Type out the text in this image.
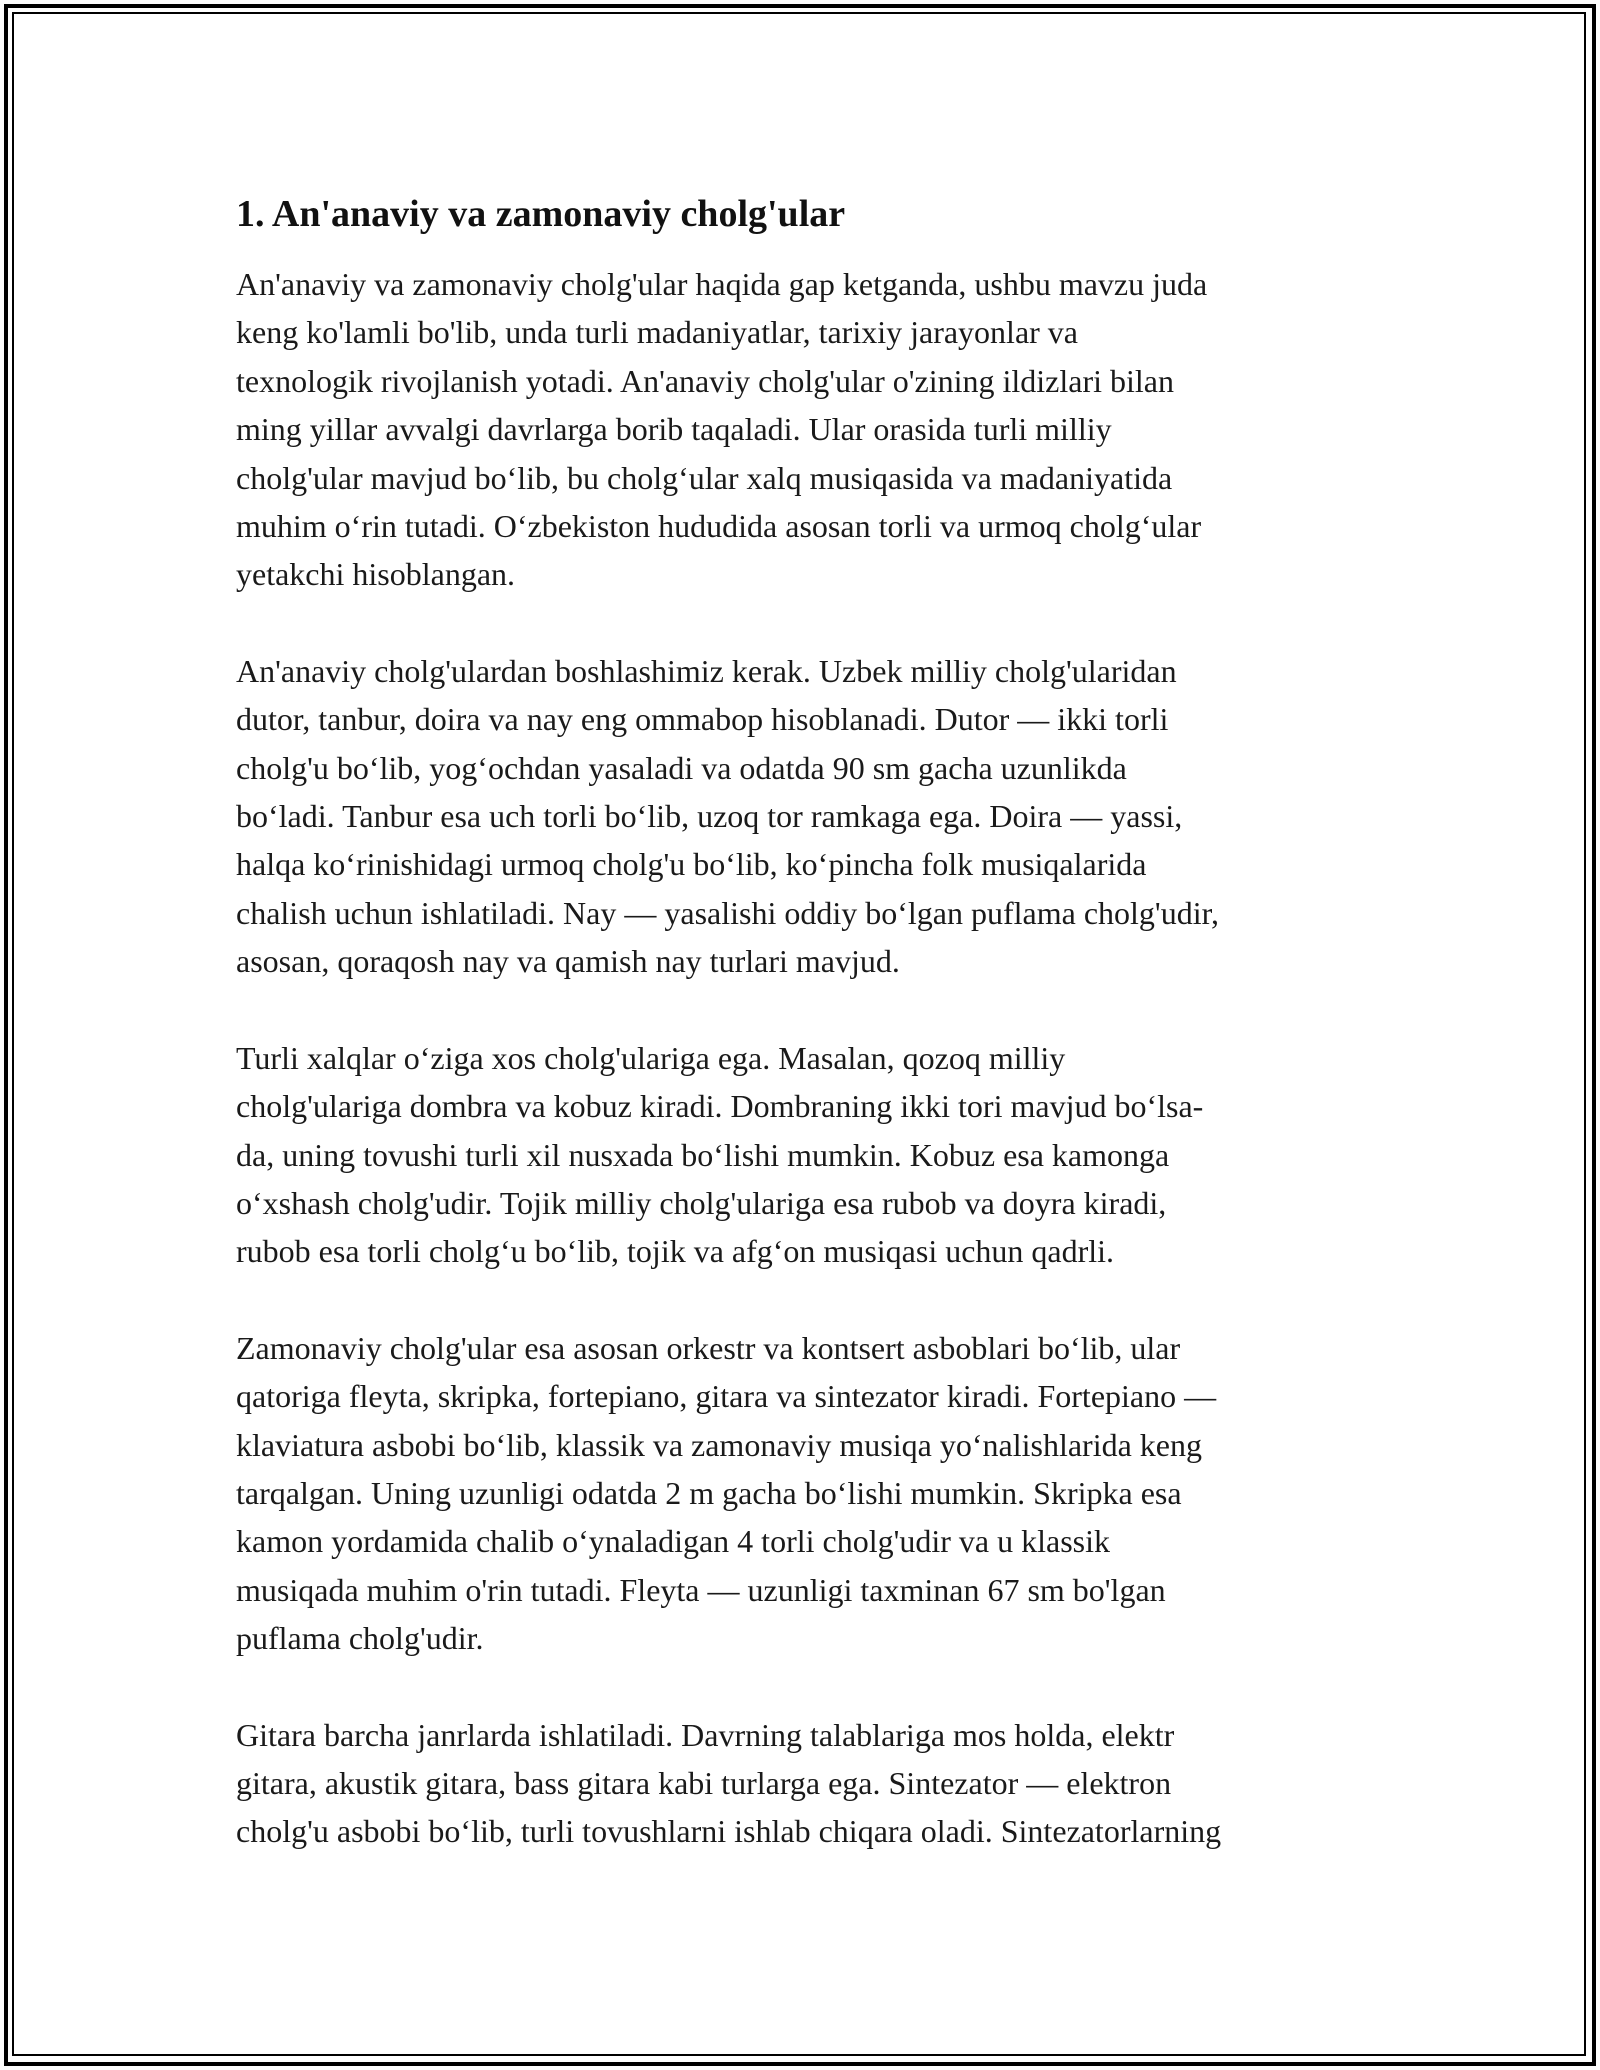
1. An'anaviy va zamonaviy cholg'ular

An'anaviy va zamonaviy cholg'ular haqida gap ketganda, ushbu mavzu juda
keng ko'lamli bo'lib, unda turli madaniyatlar, tarixiy jarayonlar va
texnologik rivojlanish yotadi. An'anaviy cholg'ular o'zining ildizlari bilan
ming yillar avvalgi davrlarga borib taqaladi. Ular orasida turli milliy
cholg'ular mavjud bo‘lib, bu cholg‘ular xalq musiqasida va madaniyatida
muhim o‘rin tutadi. O‘zbekiston hududida asosan torli va urmoq cholg‘ular
yetakchi hisoblangan.

An'anaviy cholg'ulardan boshlashimiz kerak. Uzbek milliy cholg'ularidan
dutor, tanbur, doira va nay eng ommabop hisoblanadi. Dutor — ikki torli
cholg'u bo‘lib, yog‘ochdan yasaladi va odatda 90 sm gacha uzunlikda
bo‘ladi. Tanbur esa uch torli bo‘lib, uzoq tor ramkaga ega. Doira — yassi,
halqa ko‘rinishidagi urmoq cholg'u bo‘lib, ko‘pincha folk musiqalarida
chalish uchun ishlatiladi. Nay — yasalishi oddiy bo‘lgan puflama cholg'udir,
asosan, qoraqosh nay va qamish nay turlari mavjud.

Turli xalqlar o‘ziga xos cholg'ulariga ega. Masalan, qozoq milliy
cholg'ulariga dombra va kobuz kiradi. Dombraning ikki tori mavjud bo‘lsa-
da, uning tovushi turli xil nusxada bo‘lishi mumkin. Kobuz esa kamonga
o‘xshash cholg'udir. Tojik milliy cholg'ulariga esa rubob va doyra kiradi,
rubob esa torli cholg‘u bo‘lib, tojik va afg‘on musiqasi uchun qadrli.

Zamonaviy cholg'ular esa asosan orkestr va kontsert asboblari bo‘lib, ular
qatoriga fleyta, skripka, fortepiano, gitara va sintezator kiradi. Fortepiano —
klaviatura asbobi bo‘lib, klassik va zamonaviy musiqa yo‘nalishlarida keng
tarqalgan. Uning uzunligi odatda 2 m gacha bo‘lishi mumkin. Skripka esa
kamon yordamida chalib o‘ynaladigan 4 torli cholg'udir va u klassik
musiqada muhim o'rin tutadi. Fleyta — uzunligi taxminan 67 sm bo'lgan
puflama cholg'udir.

Gitara barcha janrlarda ishlatiladi. Davrning talablariga mos holda, elektr
gitara, akustik gitara, bass gitara kabi turlarga ega. Sintezator — elektron
cholg'u asbobi bo‘lib, turli tovushlarni ishlab chiqara oladi. Sintezatorlarning
